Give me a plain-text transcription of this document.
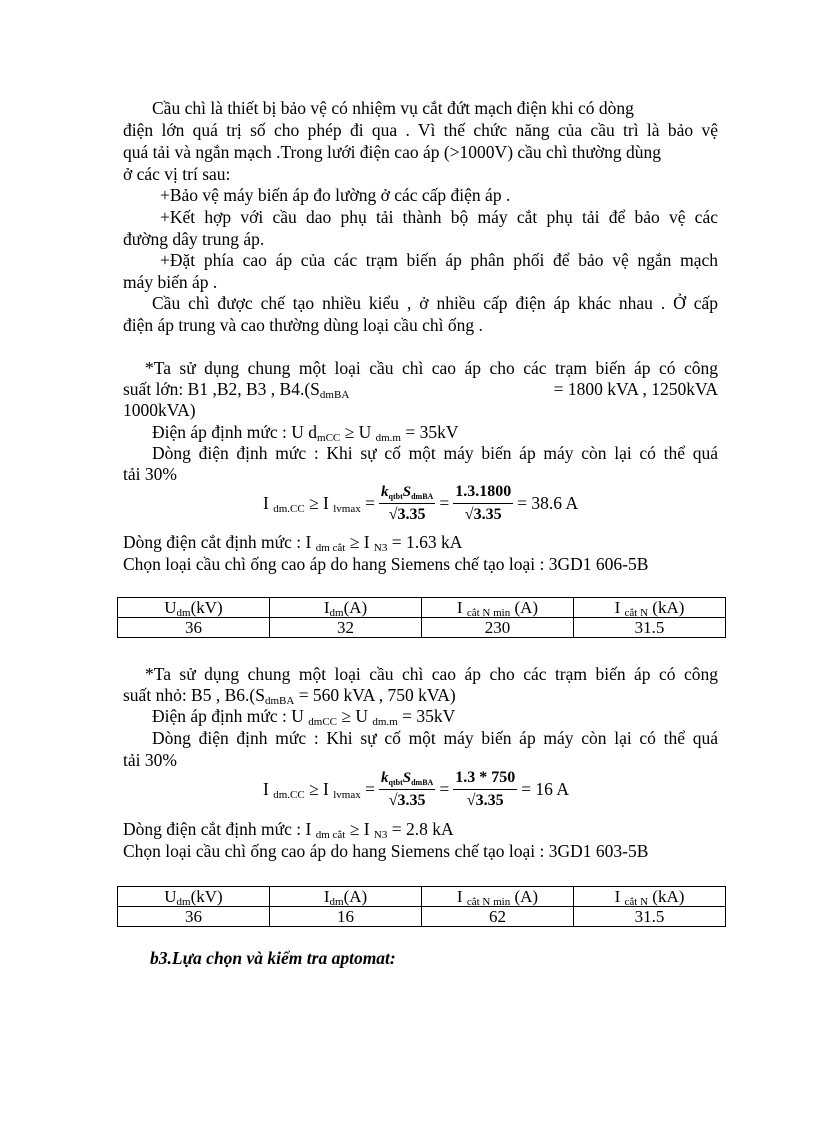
Cầu chì là thiết bị bảo vệ có nhiệm vụ cắt đứt mạch điện khi có dòng
điện lớn quá trị số cho phép đi qua . Vì thế chức năng của cầu trì là bảo vệ
quá tải và ngắn mạch .Trong lưới điện cao áp (>1000V) cầu chì thường dùng
ở các vị trí sau:
+Bảo vệ máy biến áp đo lường ở các cấp điện áp .
+Kết hợp với cầu dao phụ tải thành bộ máy cắt phụ tải để bảo vệ các
đường dây trung áp.
+Đặt phía cao áp của các trạm biến áp phân phối để bảo vệ ngắn mạch
máy biến áp .
Cầu chì được chế tạo nhiều kiểu , ở nhiều cấp điện áp khác nhau . Ở cấp
điện áp trung và cao thường dùng loại cầu chì ống .
*Ta sử dụng chung một loại cầu chì cao áp cho các trạm biến áp có công
suất lớn: B1 ,B2, B3 , $B4.(S_{dmBA}$	= 1800 kVA , 1250kVA
1000kVA)
Điện áp định mức : U $d_{mCC} \ge U$ $_{dm.m}$ = 35kV
Dòng điện định mức : Khi sự cố một máy biến áp máy còn lại có thể quá
tải 30%
I $_{dm.CC}$ ≥ I $_{lvmax} = \frac{k_{qtbt}S_{dmBA}}{√3.35} = \frac{1.3.1800}{√3.35} = 38.6$ A
Dòng điện cắt định mức : I $_{dm cắt}$ ≥ I $_{N3}$ = 1.63 kA
Chọn loại cầu chì ống cao áp do hang Siemens chế tạo loại : 3GD1 606-5B
$U_{dm}(kV)$	$I_{dm}(A)$	I $_{cắt N min}$ (A)	I $_{cắt N}$ (kA)
36	32	230	31.5
*Ta sử dụng chung một loại cầu chì cao áp cho các trạm biến áp có công
suất nhỏ: B5 , $B6.(S_{dmBA} = 560$ kVA , 750 kVA)
Điện áp định mức : U $_{dmCC}$ ≥ U $_{dm.m}$ = 35kV
Dòng điện định mức : Khi sự cố một máy biến áp máy còn lại có thể quá
tải 30%
I $_{dm.CC}$ ≥ I $_{lvmax} = \frac{k_{qtbt}S_{dmBA}}{√3.35} = \frac{1.3 * 750}{√3.35} = 16$ A
Dòng điện cắt định mức : I $_{dm cắt}$ ≥ I $_{N3}$ = 2.8 kA
Chọn loại cầu chì ống cao áp do hang Siemens chế tạo loại : 3GD1 603-5B
$U_{dm}(kV)$	$I_{dm}(A)$	I $_{cắt N min}$ (A)	I $_{cắt N}$ (kA)
36	16	62	31.5
b3.Lựa chọn và kiểm tra aptomat:
